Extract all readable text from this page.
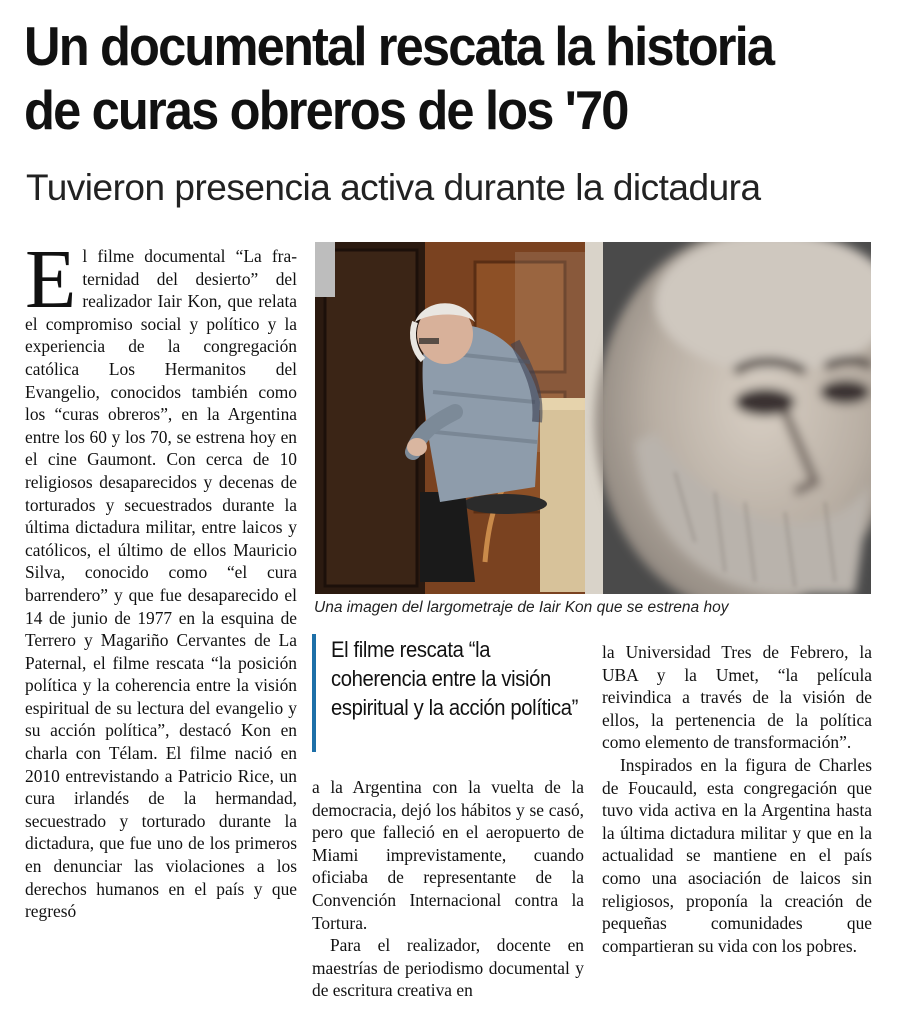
Un documental rescata la historia
de curas obreros de los '70
Tuvieron presencia activa durante la dictadura

El filme documental “La fraternidad del desierto” del realizador Iair Kon, que relata el compromiso social y político y la experiencia de la congregación católica Los Hermanitos del Evangelio, conocidos también como los “curas obreros”, en la Argentina entre los 60 y los 70, se estrena hoy en el cine Gaumont. Con cerca de 10 religiosos desaparecidos y decenas de torturados y secuestrados durante la última dictadura militar, entre laicos y católicos, el último de ellos Mauricio Silva, conocido como “el cura barrendero” y que fue desaparecido el 14 de junio de 1977 en la esquina de Terrero y Magariño Cervantes de La Paternal, el filme rescata “la posición política y la coherencia entre la visión espiritual de su lectura del evangelio y su acción política”, destacó Kon en charla con Télam. El filme nació en 2010 entrevistando a Patricio Rice, un cura irlandés de la hermandad, secuestrado y torturado durante la dictadura, que fue uno de los primeros en denunciar las violaciones a los derechos humanos en el país y que regresó

Una imagen del largometraje de Iair Kon que se estrena hoy
El filme rescata “la coherencia entre la visión espiritual y la acción política”

a la Argentina con la vuelta de la democracia, dejó los hábitos y se casó, pero que falleció en el aeropuerto de Miami imprevistamente, cuando oficiaba de representante de la Convención Internacional contra la Tortura.

Para el realizador, docente en maestrías de periodismo documental y de escritura creativa en

la Universidad Tres de Febrero, la UBA y la Umet, “la película reivindica a través de la visión de ellos, la pertenencia de la política como elemento de transformación”.

Inspirados en la figura de Charles de Foucauld, esta congregación que tuvo vida activa en la Argentina hasta la última dictadura militar y que en la actualidad se mantiene en el país como una asociación de laicos sin religiosos, proponía la creación de pequeñas comunidades que compartieran su vida con los pobres.
